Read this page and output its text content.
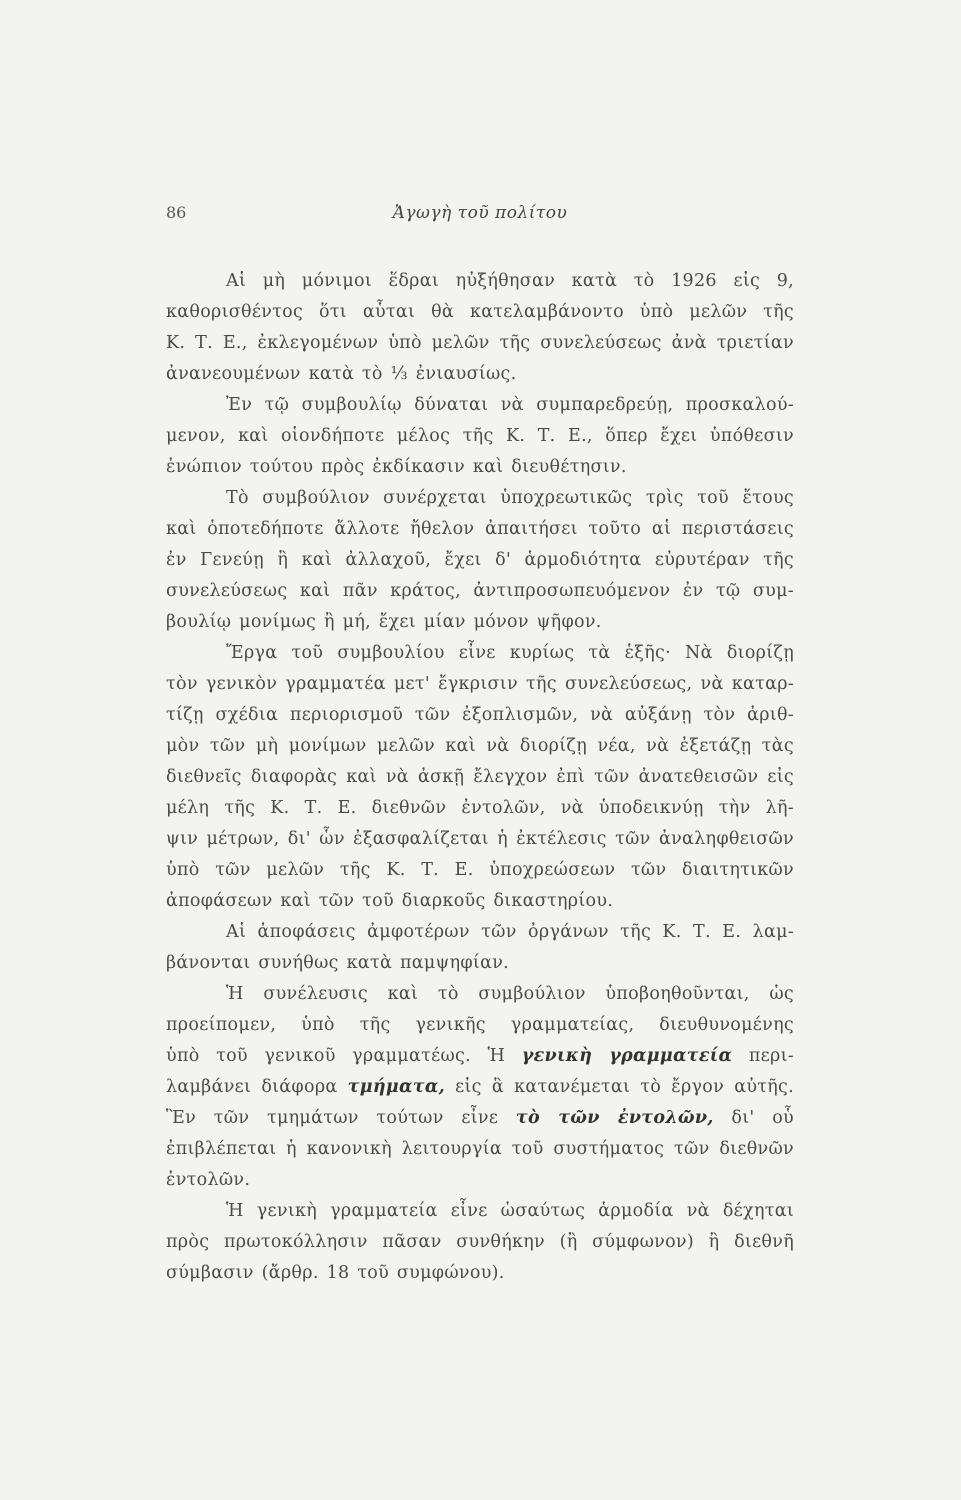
86	Ἀγωγὴ τοῦ πολίτου
Αἱ μὴ μόνιμοι ἕδραι ηὐξήθησαν κατὰ τὸ 1926 εἰς 9,
καθορισθέντος ὅτι αὗται θὰ κατελαμβάνοντο ὑπὸ μελῶν τῆς
Κ. Τ. Ε., ἐκλεγομένων ὑπὸ μελῶν τῆς συνελεύσεως ἀνὰ τριετίαν
ἀνανεουμένων κατὰ τὸ ⅓ ἐνιαυσίως.
Ἐν τῷ συμβουλίῳ δύναται νὰ συμπαρεδρεύῃ, προσκαλού-
μενον, καὶ οἱονδήποτε μέλος τῆς Κ. Τ. Ε., ὅπερ ἔχει ὑπόθεσιν
ἐνώπιον τούτου πρὸς ἐκδίκασιν καὶ διευθέτησιν.
Τὸ συμβούλιον συνέρχεται ὑποχρεωτικῶς τρὶς τοῦ ἔτους
καὶ ὁποτεδήποτε ἄλλοτε ἤθελον ἀπαιτήσει τοῦτο αἱ περιστάσεις
ἐν Γενεύῃ ἢ καὶ ἀλλαχοῦ, ἔχει δ' ἁρμοδιότητα εὐρυτέραν τῆς
συνελεύσεως καὶ πᾶν κράτος, ἀντιπροσωπευόμενον ἐν τῷ συμ-
βουλίῳ μονίμως ἢ μή, ἔχει μίαν μόνον ψῆφον.
Ἔργα τοῦ συμβουλίου εἶνε κυρίως τὰ ἑξῆς· Νὰ διορίζῃ
τὸν γενικὸν γραμματέα μετ' ἔγκρισιν τῆς συνελεύσεως, νὰ καταρ-
τίζῃ σχέδια περιορισμοῦ τῶν ἐξοπλισμῶν, νὰ αὐξάνῃ τὸν ἀριθ-
μὸν τῶν μὴ μονίμων μελῶν καὶ νὰ διορίζῃ νέα, νὰ ἐξετάζῃ τὰς
διεθνεῖς διαφορὰς καὶ νὰ ἀσκῇ ἔλεγχον ἐπὶ τῶν ἀνατεθεισῶν εἰς
μέλη τῆς Κ. Τ. Ε. διεθνῶν ἐντολῶν, νὰ ὑποδεικνύῃ τὴν λῆ-
ψιν μέτρων, δι' ὧν ἐξασφαλίζεται ἡ ἐκτέλεσις τῶν ἀναληφθεισῶν
ὑπὸ τῶν μελῶν τῆς Κ. Τ. Ε. ὑποχρεώσεων τῶν διαιτητικῶν
ἀποφάσεων καὶ τῶν τοῦ διαρκοῦς δικαστηρίου.
Αἱ ἀποφάσεις ἀμφοτέρων τῶν ὀργάνων τῆς Κ. Τ. Ε. λαμ-
βάνονται συνήθως κατὰ παμψηφίαν.
Ἡ συνέλευσις καὶ τὸ συμβούλιον ὑποβοηθοῦνται, ὡς
προείπομεν, ὑπὸ τῆς γενικῆς γραμματείας, διευθυνομένης
ὑπὸ τοῦ γενικοῦ γραμματέως. Ἡ γενικὴ γραμματεία περι-
λαμβάνει διάφορα τμήματα, εἰς ἃ κατανέμεται τὸ ἔργον αὐτῆς.
Ἓν τῶν τμημάτων τούτων εἶνε τὸ τῶν ἐντολῶν, δι' οὗ
ἐπιβλέπεται ἡ κανονικὴ λειτουργία τοῦ συστήματος τῶν διεθνῶν
ἐντολῶν.
Ἡ γενικὴ γραμματεία εἶνε ὡσαύτως ἁρμοδία νὰ δέχηται
πρὸς πρωτοκόλλησιν πᾶσαν συνθήκην (ἢ σύμφωνον) ἢ διεθνῆ
σύμβασιν (ἄρθρ. 18 τοῦ συμφώνου).
